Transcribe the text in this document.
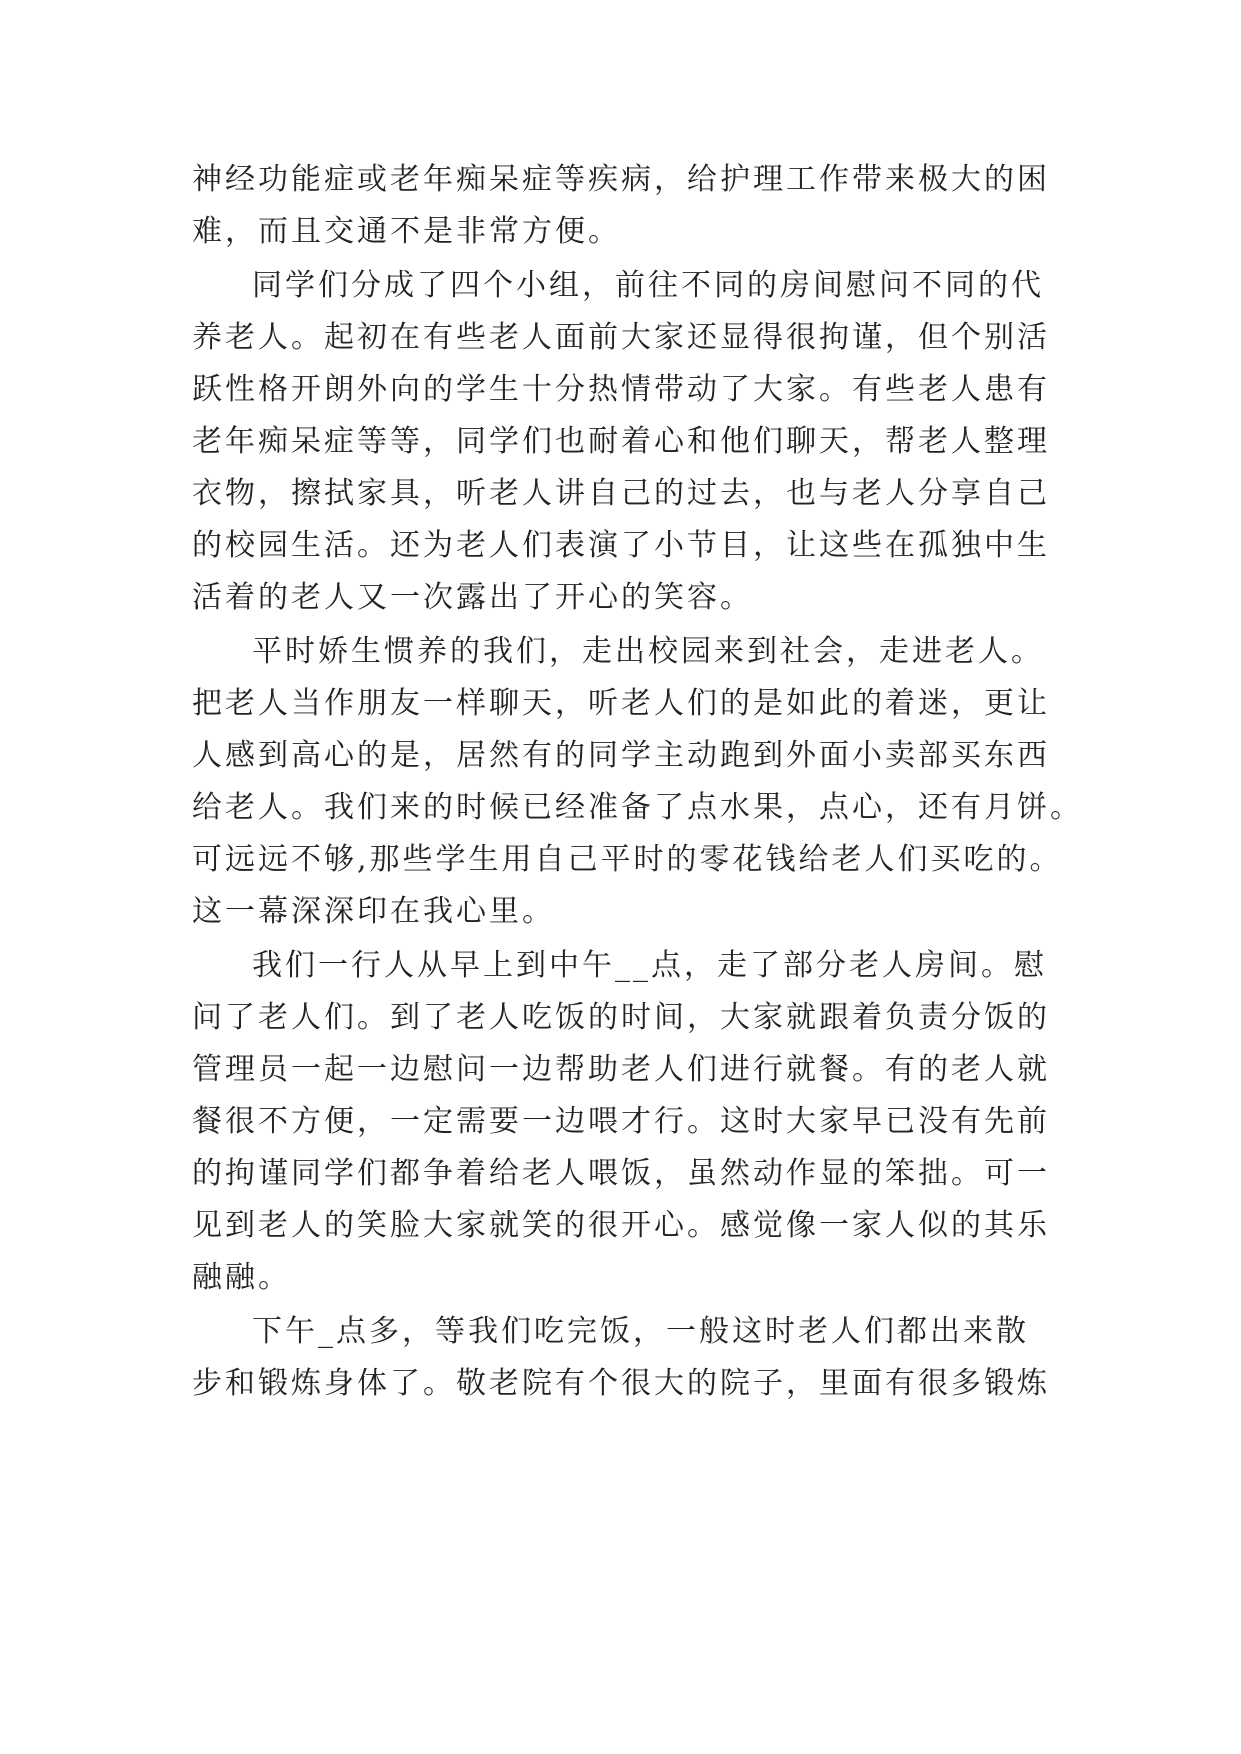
神经功能症或老年痴呆症等疾病，给护理工作带来极大的困
难，而且交通不是非常方便。
同学们分成了四个小组，前往不同的房间慰问不同的代
养老人。起初在有些老人面前大家还显得很拘谨，但个别活
跃性格开朗外向的学生十分热情带动了大家。有些老人患有
老年痴呆症等等，同学们也耐着心和他们聊天，帮老人整理
衣物，擦拭家具，听老人讲自己的过去，也与老人分享自己
的校园生活。还为老人们表演了小节目，让这些在孤独中生
活着的老人又一次露出了开心的笑容。
平时娇生惯养的我们，走出校园来到社会，走进老人。
把老人当作朋友一样聊天，听老人们的是如此的着迷，更让
人感到高心的是，居然有的同学主动跑到外面小卖部买东西
给老人。我们来的时候已经准备了点水果，点心，还有月饼。
可远远不够,那些学生用自己平时的零花钱给老人们买吃的。
这一幕深深印在我心里。
我们一行人从早上到中午__点，走了部分老人房间。慰
问了老人们。到了老人吃饭的时间，大家就跟着负责分饭的
管理员一起一边慰问一边帮助老人们进行就餐。有的老人就
餐很不方便，一定需要一边喂才行。这时大家早已没有先前
的拘谨同学们都争着给老人喂饭，虽然动作显的笨拙。可一
见到老人的笑脸大家就笑的很开心。感觉像一家人似的其乐
融融。
下午_点多，等我们吃完饭，一般这时老人们都出来散
步和锻炼身体了。敬老院有个很大的院子，里面有很多锻炼
